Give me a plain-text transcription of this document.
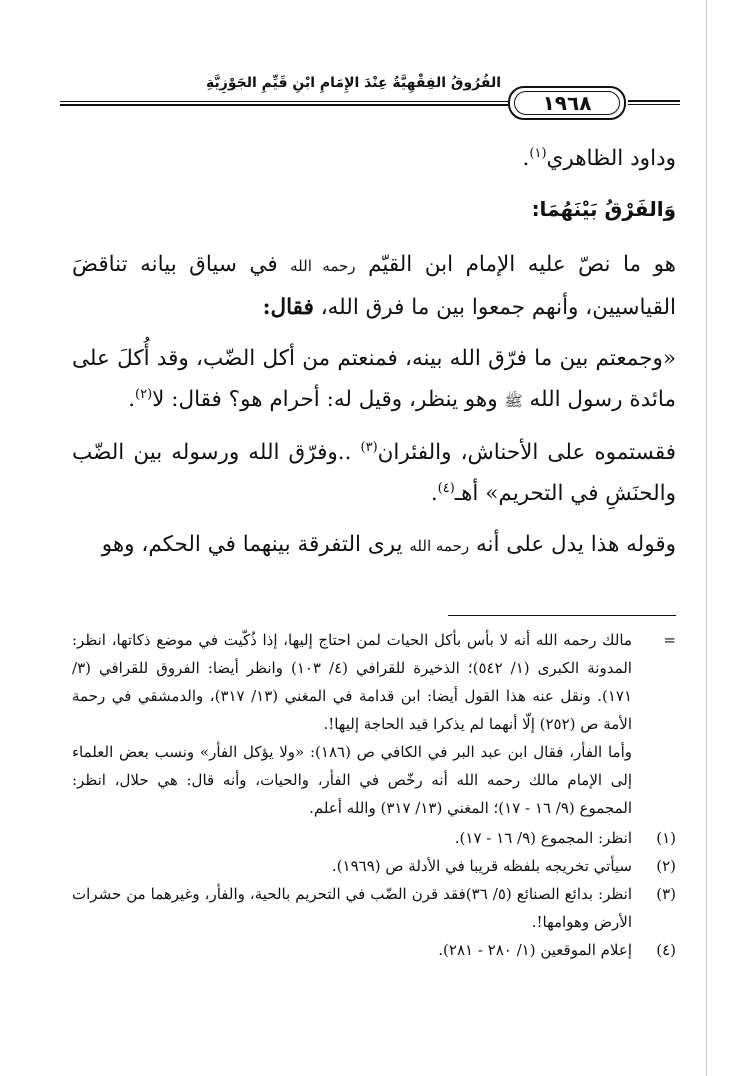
الفُرُوقُ الفِقْهِيَّةُ عِنْدَ الإِمَامِ ابْنِ قَيِّمِ الجَوْزِيَّةِ
١٩٦٨

وداود الظاهري$^{(١)}$.

وَالفَرْقُ بَيْنَهُمَا:

هو ما نصّ عليه الإمام ابن القيّم رحمه الله في سياق بيانه تناقضَ القياسيين، وأنهم جمعوا بين ما فرق الله، فقال:

«وجمعتم بين ما فرّق الله بينه، فمنعتم من أكل الضّب، وقد أُكلَ على مائدة رسول الله ﷺ وهو ينظر، وقيل له: أحرام هو؟ فقال: لا$^{(٢)}$.

فقستموه على الأحناش، والفئران$^{(٣)}$ ..وفرّق الله ورسوله بين الضّب والحنَشِ في التحريم» أهـ$^{(٤)}$.

وقوله هذا يدل على أنه رحمه الله يرى التفرقة بينهما في الحكم، وهو

=
مالك رحمه الله أنه لا بأس بأكل الحيات لمن احتاج إليها، إذا ذُكّيت في موضع ذكاتها، انظر: المدونة الكبرى (١/ ٥٤٢)؛ الذخيرة للقرافي (٤/ ١٠٣) وانظر أيضا: الفروق للقرافي (٣/ ١٧١). ونقل عنه هذا القول أيضا: ابن قدامة في المغني (١٣/ ٣١٧)، والدمشقي في رحمة الأمة ص (٢٥٢) إلّا أنهما لم يذكرا قيد الحاجة إليها!.

وأما الفأر، فقال ابن عبد البر في الكافي ص (١٨٦): «ولا يؤكل الفأر» ونسب بعض العلماء إلى الإمام مالك رحمه الله أنه رخّص في الفأر، والحيات، وأنه قال: هي حلال، انظر: المجموع (٩/ ١٦ - ١٧)؛ المغني (١٣/ ٣١٧) والله أعلم.

(١)
انظر: المجموع (٩/ ١٦ - ١٧).
(٢)
سيأتي تخريجه بلفظه قريبا في الأدلة ص (١٩٦٩).
(٣)
انظر: بدائع الصنائع (٥/ ٣٦)فقد قرن الضّب في التحريم بالحية، والفأر، وغيرهما من حشرات الأرض وهوامها!.
(٤)
إعلام الموقعين (١/ ٢٨٠ - ٢٨١).
